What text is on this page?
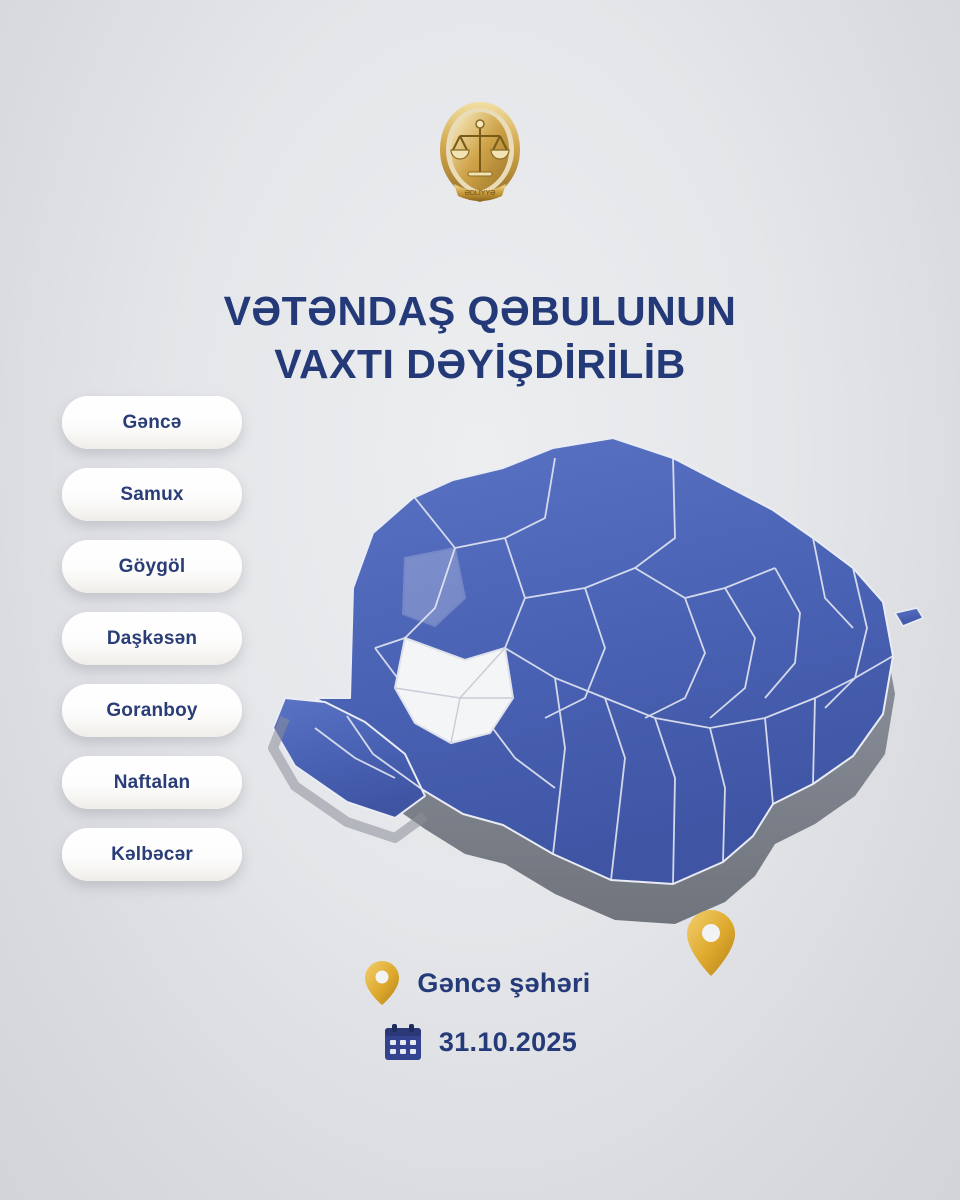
ƏDLİYYƏ
VƏTƏNDAŞ QƏBULUNUN
VAXTI DƏYİŞDİRİLİB
Gəncə
Samux
Göygöl
Daşkəsən
Goranboy
Naftalan
Kəlbəcər
Gəncə şəhəri
31.10.2025
